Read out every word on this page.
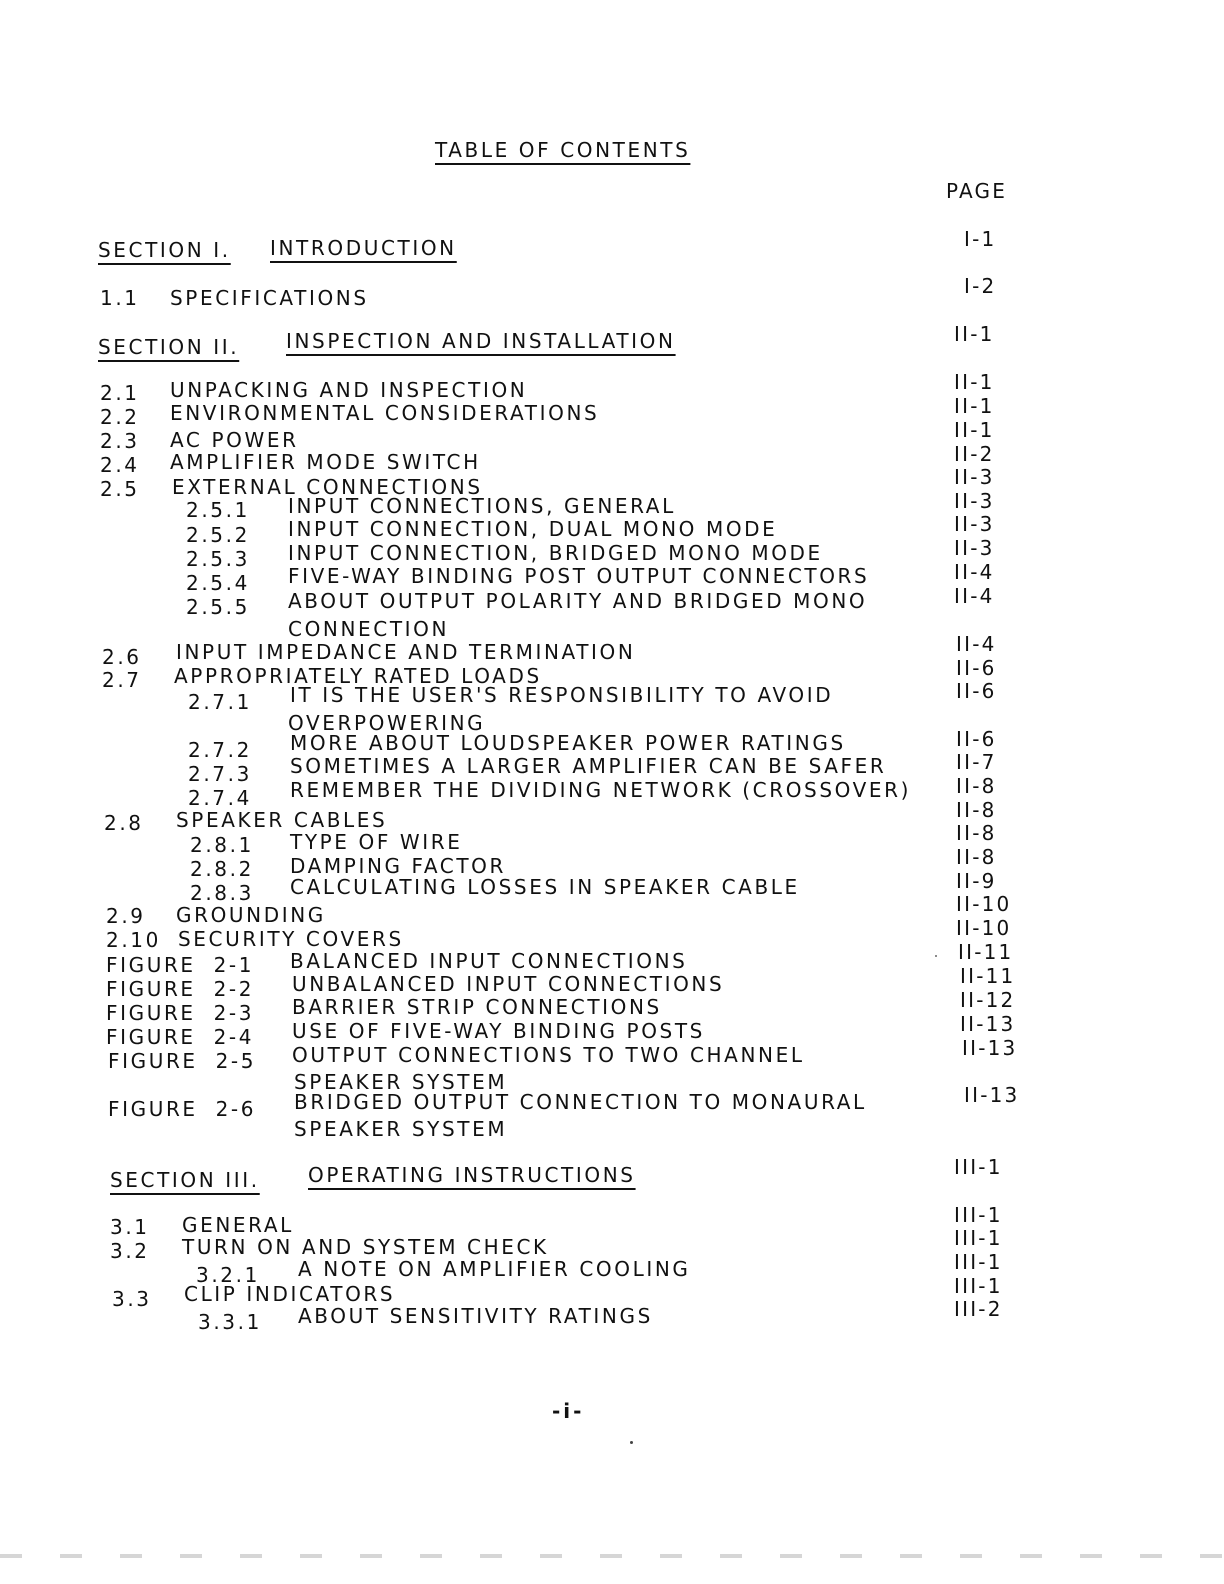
TABLE OF CONTENTS
PAGE
SECTION I. INTRODUCTION	I-1
1.1 SPECIFICATIONS	I-2
SECTION II. INSPECTION AND INSTALLATION	II-1
2.1 UNPACKING AND INSPECTION	II-1
2.2 ENVIRONMENTAL CONSIDERATIONS	II-1
2.3 AC POWER	II-1
2.4 AMPLIFIER MODE SWITCH	II-2
2.5 EXTERNAL CONNECTIONS	II-3
2.5.1 INPUT CONNECTIONS, GENERAL	II-3
2.5.2 INPUT CONNECTION, DUAL MONO MODE	II-3
2.5.3 INPUT CONNECTION, BRIDGED MONO MODE	II-3
2.5.4 FIVE-WAY BINDING POST OUTPUT CONNECTORS	II-4
2.5.5 ABOUT OUTPUT POLARITY AND BRIDGED MONO
CONNECTION
II-4
2.6 INPUT IMPEDANCE AND TERMINATION	II-4
2.7 APPROPRIATELY RATED LOADS	II-6
2.7.1 IT IS THE USER'S RESPONSIBILITY TO AVOID
OVERPOWERING
II-6
2.7.2 MORE ABOUT LOUDSPEAKER POWER RATINGS	II-6
2.7.3 SOMETIMES A LARGER AMPLIFIER CAN BE SAFER	II-7
2.7.4 REMEMBER THE DIVIDING NETWORK (CROSSOVER) II-8
2.8 SPEAKER CABLES	II-8
2.8.1 TYPE OF WIRE	II-8
2.8.2 DAMPING FACTOR	II-8
2.8.3 CALCULATING LOSSES IN SPEAKER CABLE	II-9
2.9 GROUNDING	II-10
2.10 SECURITY COVERS	II-10
FIGURE  2-1 BALANCED INPUT CONNECTIONS	II-11
FIGURE  2-2 UNBALANCED INPUT CONNECTIONS	II-11
FIGURE  2-3 BARRIER STRIP CONNECTIONS	II-12
FIGURE  2-4 USE OF FIVE-WAY BINDING POSTS	II-13
FIGURE  2-5 OUTPUT CONNECTIONS TO TWO CHANNEL
SPEAKER SYSTEM
II-13
FIGURE  2-6 BRIDGED OUTPUT CONNECTION TO MONAURAL
SPEAKER SYSTEM
II-13
SECTION III. OPERATING INSTRUCTIONS	III-1
3.1 GENERAL	III-1
3.2 TURN ON AND SYSTEM CHECK	III-1
3.2.1 A NOTE ON AMPLIFIER COOLING	III-1
3.3 CLIP INDICATORS	III-1
3.3.1 ABOUT SENSITIVITY RATINGS	III-2
-i-
